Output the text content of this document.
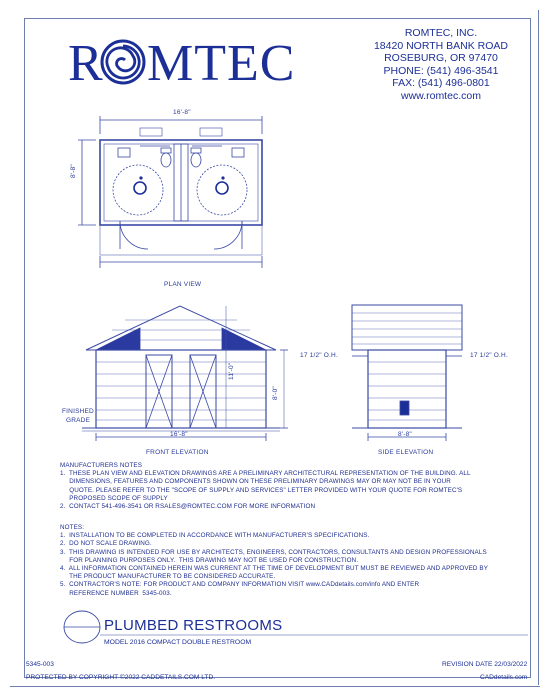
R MTEC
ROMTEC, INC.
18420 NORTH BANK ROAD
ROSEBURG, OR 97470
PHONE: (541) 496-3541
FAX: (541) 496-0801
www.romtec.com
16'-8"
8'-8"
PLAN VIEW
11'-0"
8'-0"
16'-8"
FINISHED
GRADE
FRONT ELEVATION
17 1/2" O.H.	17 1/2" O.H.
8'-8"
SIDE ELEVATION

MANUFACTURERS NOTES

1.  THESE PLAN VIEW AND ELEVATION DRAWINGS ARE A PRELIMINARY ARCHITECTURAL REPRESENTATION OF THE BUILDING. ALL

DIMENSIONS, FEATURES AND COMPONENTS SHOWN ON THESE PRELIMINARY DRAWINGS MAY OR MAY NOT BE IN YOUR

QUOTE. PLEASE REFER TO THE "SCOPE OF SUPPLY AND SERVICES" LETTER PROVIDED WITH YOUR QUOTE FOR ROMTEC'S

PROPOSED SCOPE OF SUPPLY

2.  CONTACT 541-496-3541 OR RSALES@ROMTEC.COM FOR MORE INFORMATION

NOTES:

1.  INSTALLATION TO BE COMPLETED IN ACCORDANCE WITH MANUFACTURER'S SPECIFICATIONS.

2.  DO NOT SCALE DRAWING.

3.  THIS DRAWING IS INTENDED FOR USE BY ARCHITECTS, ENGINEERS, CONTRACTORS, CONSULTANTS AND DESIGN PROFESSIONALS

FOR PLANNING PURPOSES ONLY.  THIS DRAWING MAY NOT BE USED FOR CONSTRUCTION.

4.  ALL INFORMATION CONTAINED HEREIN WAS CURRENT AT THE TIME OF DEVELOPMENT BUT MUST BE REVIEWED AND APPROVED BY

THE PRODUCT MANUFACTURER TO BE CONSIDERED ACCURATE.

5.  CONTRACTOR'S NOTE: FOR PRODUCT AND COMPANY INFORMATION VISIT www.CADdetails.com/info AND ENTER

REFERENCE NUMBER  5345-003.

PLUMBED RESTROOMS
MODEL 2016 COMPACT DOUBLE RESTROOM
5345-003	REVISION DATE 22/03/2022
PROTECTED BY COPYRIGHT ©2022 CADDETAILS.COM LTD.	CADdetails.com
